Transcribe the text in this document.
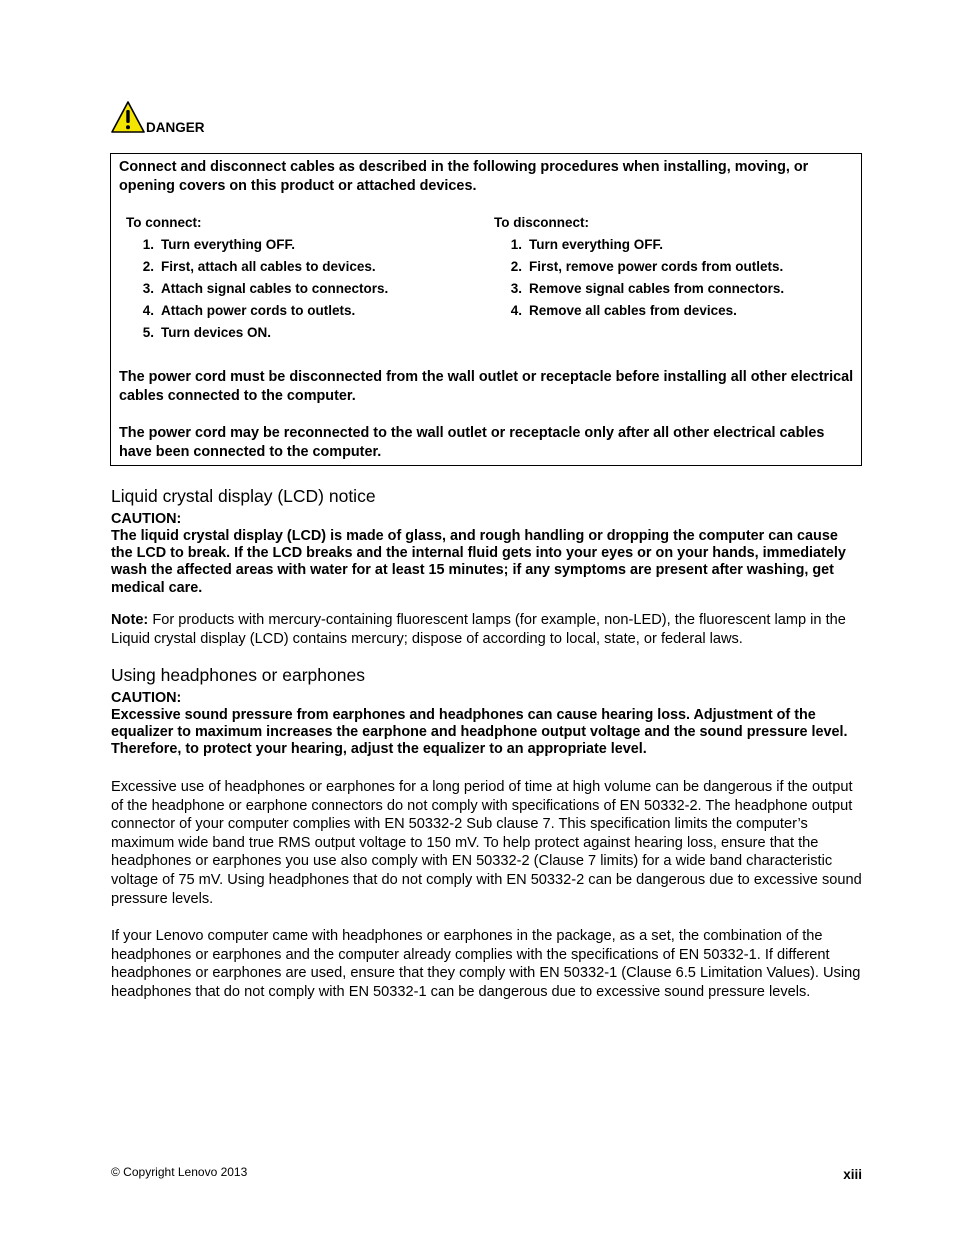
DANGER
Connect and disconnect cables as described in the following procedures when installing, moving, or opening covers on this product or attached devices.
To connect:
1. Turn everything OFF.
2. First, attach all cables to devices.
3. Attach signal cables to connectors.
4. Attach power cords to outlets.
5. Turn devices ON.
To disconnect:
1. Turn everything OFF.
2. First, remove power cords from outlets.
3. Remove signal cables from connectors.
4. Remove all cables from devices.
The power cord must be disconnected from the wall outlet or receptacle before installing all other electrical cables connected to the computer.
The power cord may be reconnected to the wall outlet or receptacle only after all other electrical cables have been connected to the computer.
Liquid crystal display (LCD) notice
CAUTION:
The liquid crystal display (LCD) is made of glass, and rough handling or dropping the computer can cause the LCD to break. If the LCD breaks and the internal fluid gets into your eyes or on your hands, immediately wash the affected areas with water for at least 15 minutes; if any symptoms are present after washing, get medical care.
Note: For products with mercury-containing fluorescent lamps (for example, non-LED), the fluorescent lamp in the Liquid crystal display (LCD) contains mercury; dispose of according to local, state, or federal laws.
Using headphones or earphones
CAUTION:
Excessive sound pressure from earphones and headphones can cause hearing loss. Adjustment of the equalizer to maximum increases the earphone and headphone output voltage and the sound pressure level. Therefore, to protect your hearing, adjust the equalizer to an appropriate level.
Excessive use of headphones or earphones for a long period of time at high volume can be dangerous if the output of the headphone or earphone connectors do not comply with specifications of EN 50332-2. The headphone output connector of your computer complies with EN 50332-2 Sub clause 7. This specification limits the computer’s maximum wide band true RMS output voltage to 150 mV. To help protect against hearing loss, ensure that the headphones or earphones you use also comply with EN 50332-2 (Clause 7 limits) for a wide band characteristic voltage of 75 mV. Using headphones that do not comply with EN 50332-2 can be dangerous due to excessive sound pressure levels.
If your Lenovo computer came with headphones or earphones in the package, as a set, the combination of the headphones or earphones and the computer already complies with the specifications of EN 50332-1. If different headphones or earphones are used, ensure that they comply with EN 50332-1 (Clause 6.5 Limitation Values). Using headphones that do not comply with EN 50332-1 can be dangerous due to excessive sound pressure levels.
© Copyright Lenovo 2013	xiii
